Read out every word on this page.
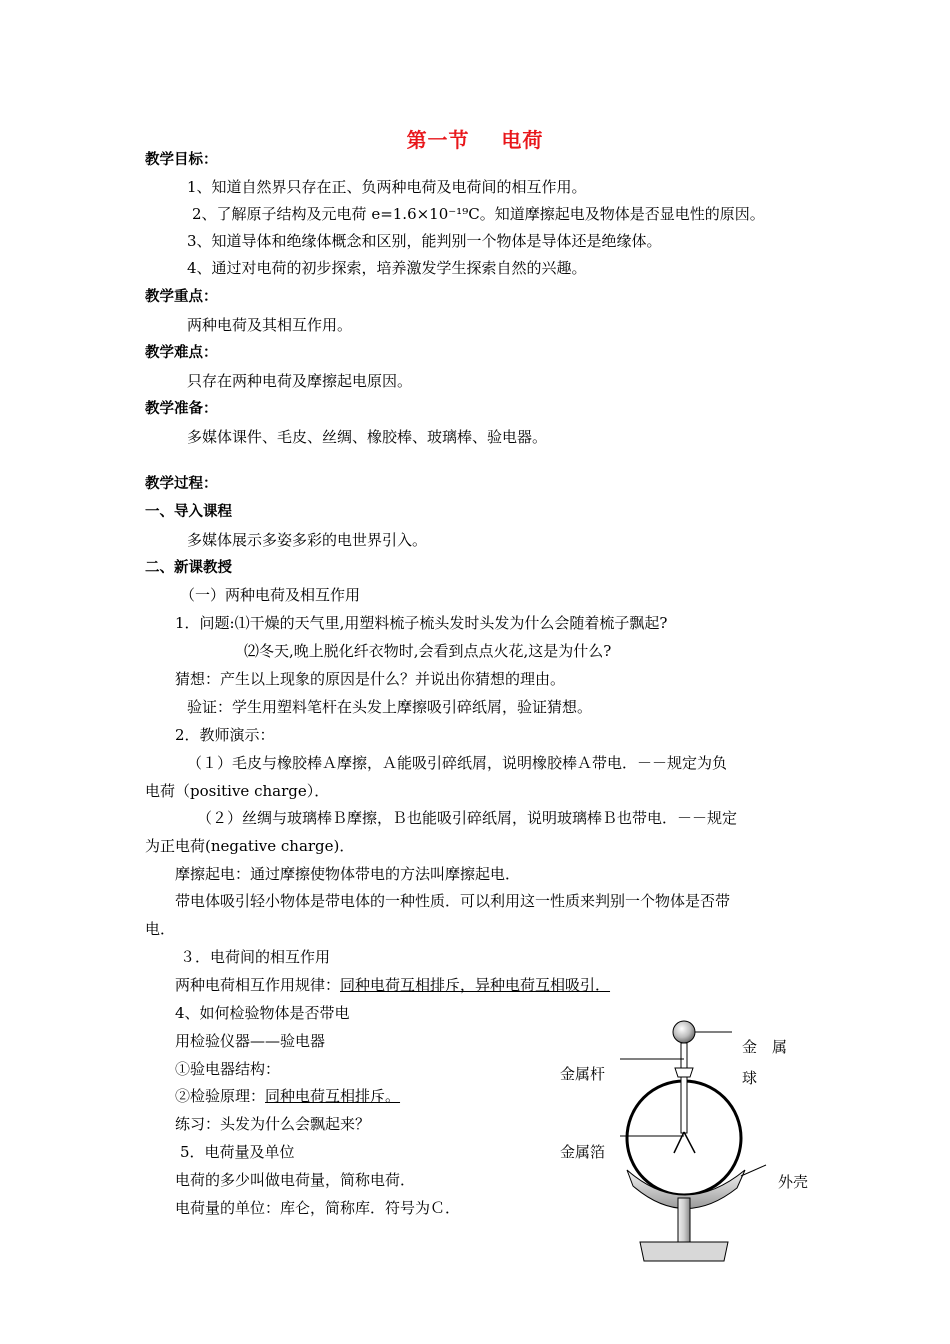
第一节    电荷
教学目标：
1、知道自然界只存在正、负两种电荷及电荷间的相互作用。
2、了解原子结构及元电荷 e=1.6×10⁻¹⁹C。知道摩擦起电及物体是否显电性的原因。
3、知道导体和绝缘体概念和区别，能判别一个物体是导体还是绝缘体。
4、通过对电荷的初步探索，培养激发学生探索自然的兴趣。
教学重点：
两种电荷及其相互作用。
教学难点：
只存在两种电荷及摩擦起电原因。
教学准备：
多媒体课件、毛皮、丝绸、橡胶棒、玻璃棒、验电器。
教学过程：
一、导入课程
多媒体展示多姿多彩的电世界引入。
二、新课教授
（一）两种电荷及相互作用
1．问题:⑴干燥的天气里,用塑料梳子梳头发时头发为什么会随着梳子飘起?
⑵冬天,晚上脱化纤衣物时,会看到点点火花,这是为什么?
猜想：产生以上现象的原因是什么？并说出你猜想的理由。
验证：学生用塑料笔杆在头发上摩擦吸引碎纸屑，验证猜想。
2．教师演示：
（１）毛皮与橡胶棒Ａ摩擦，Ａ能吸引碎纸屑，说明橡胶棒Ａ带电．－－规定为负
电荷（positive charge）．
（２）丝绸与玻璃棒Ｂ摩擦，Ｂ也能吸引碎纸屑，说明玻璃棒Ｂ也带电．－－规定
为正电荷(negative charge)．
摩擦起电：通过摩擦使物体带电的方法叫摩擦起电．
带电体吸引轻小物体是带电体的一种性质．可以利用这一性质来判别一个物体是否带
电．
３．电荷间的相互作用
两种电荷相互作用规律：同种电荷互相排斥，异种电荷互相吸引．
4、如何检验物体是否带电
用检验仪器——验电器
①验电器结构：
②检验原理：同种电荷互相排斥。
练习：头发为什么会飘起来？
5．电荷量及单位
电荷的多少叫做电荷量，简称电荷．
电荷量的单位：库仑，简称库．符号为Ｃ．
金　属
球
金属杆
金属箔
外壳
